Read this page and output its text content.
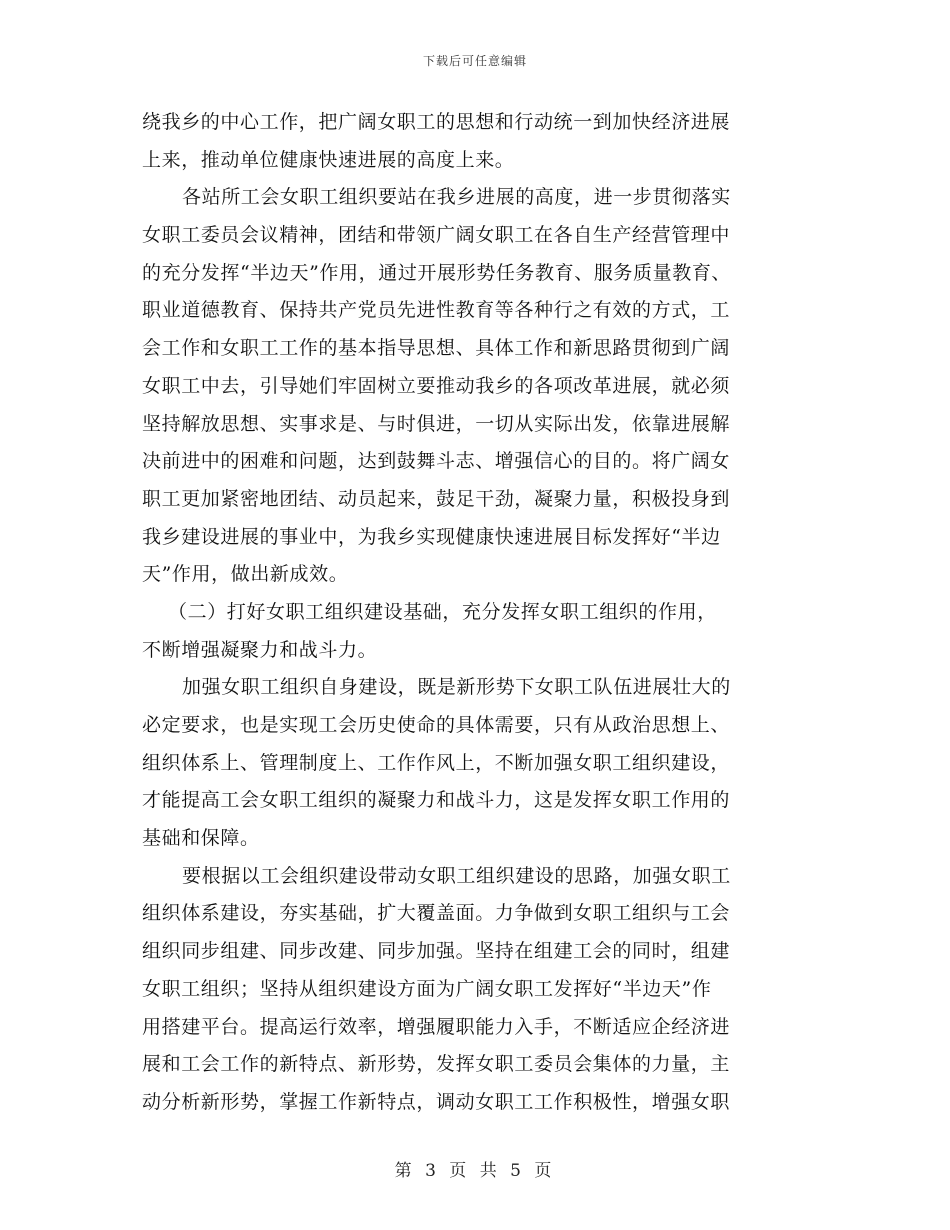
下载后可任意编辑
绕我乡的中心工作，把广阔女职工的思想和行动统一到加快经济进展
上来，推动单位健康快速进展的高度上来。
各站所工会女职工组织要站在我乡进展的高度，进一步贯彻落实
女职工委员会议精神，团结和带领广阔女职工在各自生产经营管理中
的充分发挥“半边天”作用，通过开展形势任务教育、服务质量教育、
职业道德教育、保持共产党员先进性教育等各种行之有效的方式，工
会工作和女职工工作的基本指导思想、具体工作和新思路贯彻到广阔
女职工中去，引导她们牢固树立要推动我乡的各项改革进展，就必须
坚持解放思想、实事求是、与时俱进，一切从实际出发，依靠进展解
决前进中的困难和问题，达到鼓舞斗志、增强信心的目的。将广阔女
职工更加紧密地团结、动员起来，鼓足干劲，凝聚力量，积极投身到
我乡建设进展的事业中，为我乡实现健康快速进展目标发挥好“半边
天”作用，做出新成效。
（二）打好女职工组织建设基础，充分发挥女职工组织的作用，
不断增强凝聚力和战斗力。
加强女职工组织自身建设，既是新形势下女职工队伍进展壮大的
必定要求，也是实现工会历史使命的具体需要，只有从政治思想上、
组织体系上、管理制度上、工作作风上，不断加强女职工组织建设，
才能提高工会女职工组织的凝聚力和战斗力，这是发挥女职工作用的
基础和保障。
要根据以工会组织建设带动女职工组织建设的思路，加强女职工
组织体系建设，夯实基础，扩大覆盖面。力争做到女职工组织与工会
组织同步组建、同步改建、同步加强。坚持在组建工会的同时，组建
女职工组织；坚持从组织建设方面为广阔女职工发挥好“半边天”作
用搭建平台。提高运行效率，增强履职能力入手，不断适应企经济进
展和工会工作的新特点、新形势，发挥女职工委员会集体的力量，主
动分析新形势，掌握工作新特点，调动女职工工作积极性，增强女职
第 3 页 共 5 页
